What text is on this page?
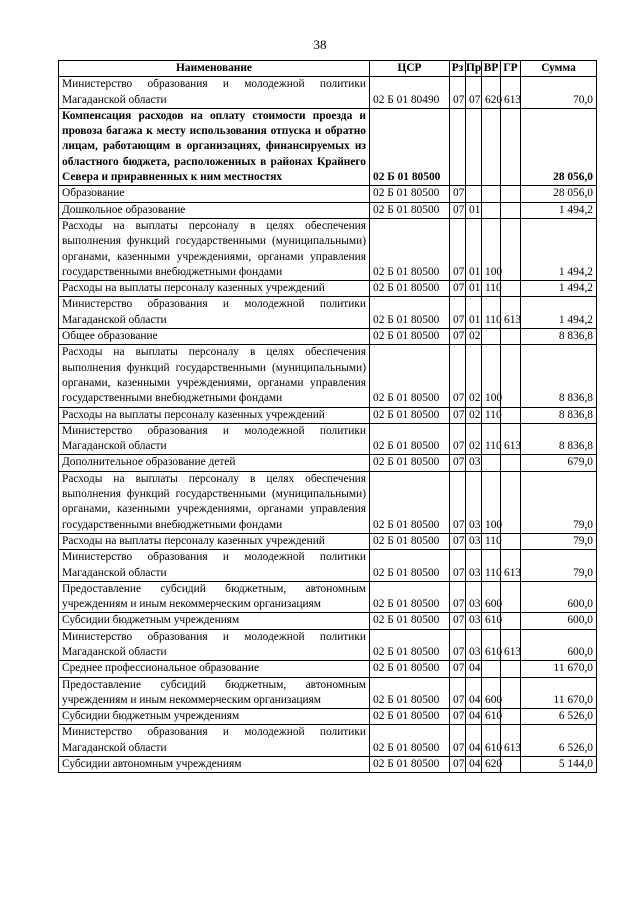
38
Наименование	ЦСР	Рз	Пр	ВР	ГР	Сумма
Министерство образования и молодежной политики Магаданской области	02 Б 01 80490	07	07	620	613	70,0
Компенсация расходов на оплату стоимости проезда и провоза багажа к месту использования отпуска и обратно лицам, работающим в организациях, финансируемых из областного бюджета, расположенных в районах Крайнего Севера и приравненных к ним местностях	02 Б 01 80500					28 056,0
Образование	02 Б 01 80500	07				28 056,0
Дошкольное образование	02 Б 01 80500	07	01			1 494,2
Расходы на выплаты персоналу в целях обеспечения выполнения функций государственными (муниципальными) органами, казенными учреждениями, органами управления государственными внебюджетными фондами	02 Б 01 80500	07	01	100		1 494,2
Расходы на выплаты персоналу казенных учреждений	02 Б 01 80500	07	01	110		1 494,2
Министерство образования и молодежной политики Магаданской области	02 Б 01 80500	07	01	110	613	1 494,2
Общее образование	02 Б 01 80500	07	02			8 836,8
Расходы на выплаты персоналу в целях обеспечения выполнения функций государственными (муниципальными) органами, казенными учреждениями, органами управления государственными внебюджетными фондами	02 Б 01 80500	07	02	100		8 836,8
Расходы на выплаты персоналу казенных учреждений	02 Б 01 80500	07	02	110		8 836,8
Министерство образования и молодежной политики Магаданской области	02 Б 01 80500	07	02	110	613	8 836,8
Дополнительное образование детей	02 Б 01 80500	07	03			679,0
Расходы на выплаты персоналу в целях обеспечения выполнения функций государственными (муниципальными) органами, казенными учреждениями, органами управления государственными внебюджетными фондами	02 Б 01 80500	07	03	100		79,0
Расходы на выплаты персоналу казенных учреждений	02 Б 01 80500	07	03	110		79,0
Министерство образования и молодежной политики Магаданской области	02 Б 01 80500	07	03	110	613	79,0
Предоставление субсидий бюджетным, автономным учреждениям и иным некоммерческим организациям	02 Б 01 80500	07	03	600		600,0
Субсидии бюджетным учреждениям	02 Б 01 80500	07	03	610		600,0
Министерство образования и молодежной политики Магаданской области	02 Б 01 80500	07	03	610	613	600,0
Среднее профессиональное образование	02 Б 01 80500	07	04			11 670,0
Предоставление субсидий бюджетным, автономным учреждениям и иным некоммерческим организациям	02 Б 01 80500	07	04	600		11 670,0
Субсидии бюджетным учреждениям	02 Б 01 80500	07	04	610		6 526,0
Министерство образования и молодежной политики Магаданской области	02 Б 01 80500	07	04	610	613	6 526,0
Субсидии автономным учреждениям	02 Б 01 80500	07	04	620		5 144,0
